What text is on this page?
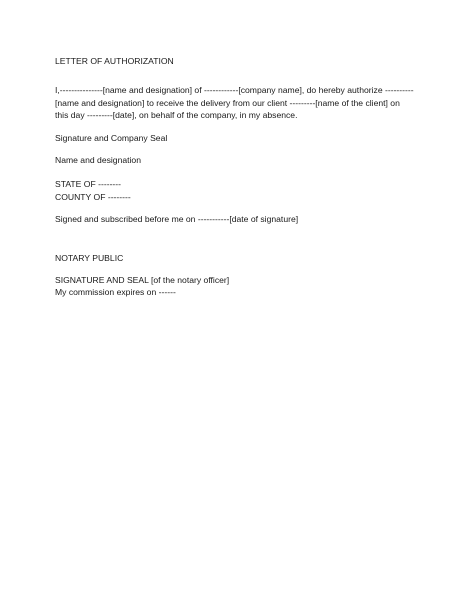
LETTER OF AUTHORIZATION

I,---------------[name and designation] of ------------[company name], do hereby authorize ----------[name and designation] to receive the delivery from our client ---------[name of the client] on this day ---------[date], on behalf of the company, in my absence.

Signature and Company Seal

Name and designation

STATE OF --------

COUNTY OF --------

Signed and subscribed before me on -----------[date of signature]

NOTARY PUBLIC

SIGNATURE AND SEAL [of the notary officer]

My commission expires on ------
